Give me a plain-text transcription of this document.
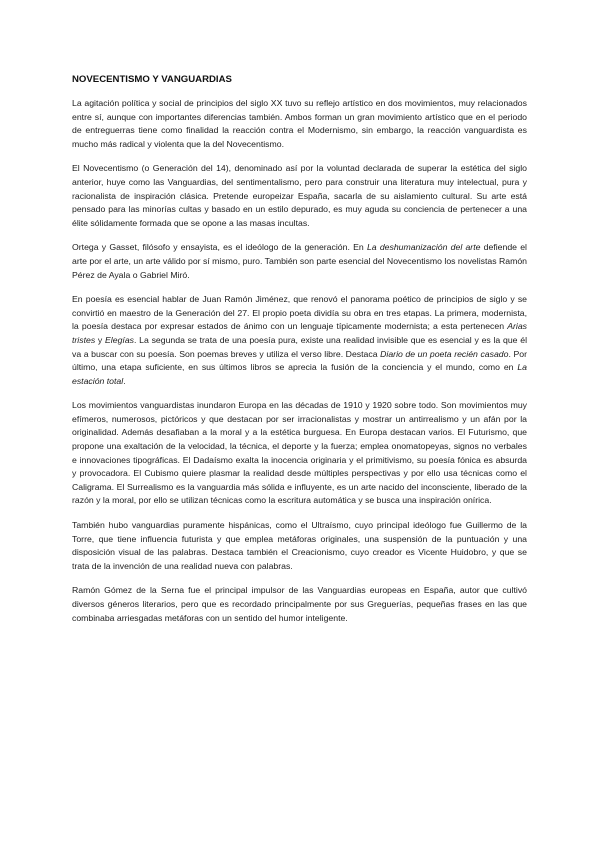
NOVECENTISMO Y VANGUARDIAS

La agitación política y social de principios del siglo XX tuvo su reflejo artístico en dos movimientos, muy relacionados entre sí, aunque con importantes diferencias también. Ambos forman un gran movimiento artístico que en el periodo de entreguerras tiene como finalidad la reacción contra el Modernismo, sin embargo, la reacción vanguardista es mucho más radical y violenta que la del Novecentismo.

El Novecentismo (o Generación del 14), denominado así por la voluntad declarada de superar la estética del siglo anterior, huye como las Vanguardias, del sentimentalismo, pero para construir una literatura muy intelectual, pura y racionalista de inspiración clásica. Pretende europeizar España, sacarla de su aislamiento cultural. Su arte está pensado para las minorías cultas y basado en un estilo depurado, es muy aguda su conciencia de pertenecer a una élite sólidamente formada que se opone a las masas incultas.

Ortega y Gasset, filósofo y ensayista, es el ideólogo de la generación. En La deshumanización del arte defiende el arte por el arte, un arte válido por sí mismo, puro. También son parte esencial del Novecentismo los novelistas Ramón Pérez de Ayala o Gabriel Miró.

En poesía es esencial hablar de Juan Ramón Jiménez, que renovó el panorama poético de principios de siglo y se convirtió en maestro de la Generación del 27. El propio poeta dividía su obra en tres etapas. La primera, modernista, la poesía destaca por expresar estados de ánimo con un lenguaje típicamente modernista; a esta pertenecen Arias tristes y Elegías. La segunda se trata de una poesía pura, existe una realidad invisible que es esencial y es la que él va a buscar con su poesía. Son poemas breves y utiliza el verso libre. Destaca Diario de un poeta recién casado. Por último, una etapa suficiente, en sus últimos libros se aprecia la fusión de la conciencia y el mundo, como en La estación total.

Los movimientos vanguardistas inundaron Europa en las décadas de 1910 y 1920 sobre todo. Son movimientos muy efímeros, numerosos, pictóricos y que destacan por ser irracionalistas y mostrar un antirrealismo y un afán por la originalidad. Además desafiaban a la moral y a la estética burguesa. En Europa destacan varios. El Futurismo, que propone una exaltación de la velocidad, la técnica, el deporte y la fuerza; emplea onomatopeyas, signos no verbales e innovaciones tipográficas. El Dadaísmo exalta la inocencia originaria y el primitivismo, su poesía fónica es absurda y provocadora. El Cubismo quiere plasmar la realidad desde múltiples perspectivas y por ello usa técnicas como el Caligrama. El Surrealismo es la vanguardia más sólida e influyente, es un arte nacido del inconsciente, liberado de la razón y la moral, por ello se utilizan técnicas como la escritura automática y se busca una inspiración onírica.

También hubo vanguardias puramente hispánicas, como el Ultraísmo, cuyo principal ideólogo fue Guillermo de la Torre, que tiene influencia futurista y que emplea metáforas originales, una suspensión de la puntuación y una disposición visual de las palabras. Destaca también el Creacionismo, cuyo creador es Vicente Huidobro, y que se trata de la invención de una realidad nueva con palabras.

Ramón Gómez de la Serna fue el principal impulsor de las Vanguardias europeas en España, autor que cultivó diversos géneros literarios, pero que es recordado principalmente por sus Greguerías, pequeñas frases en las que combinaba arriesgadas metáforas con un sentido del humor inteligente.
